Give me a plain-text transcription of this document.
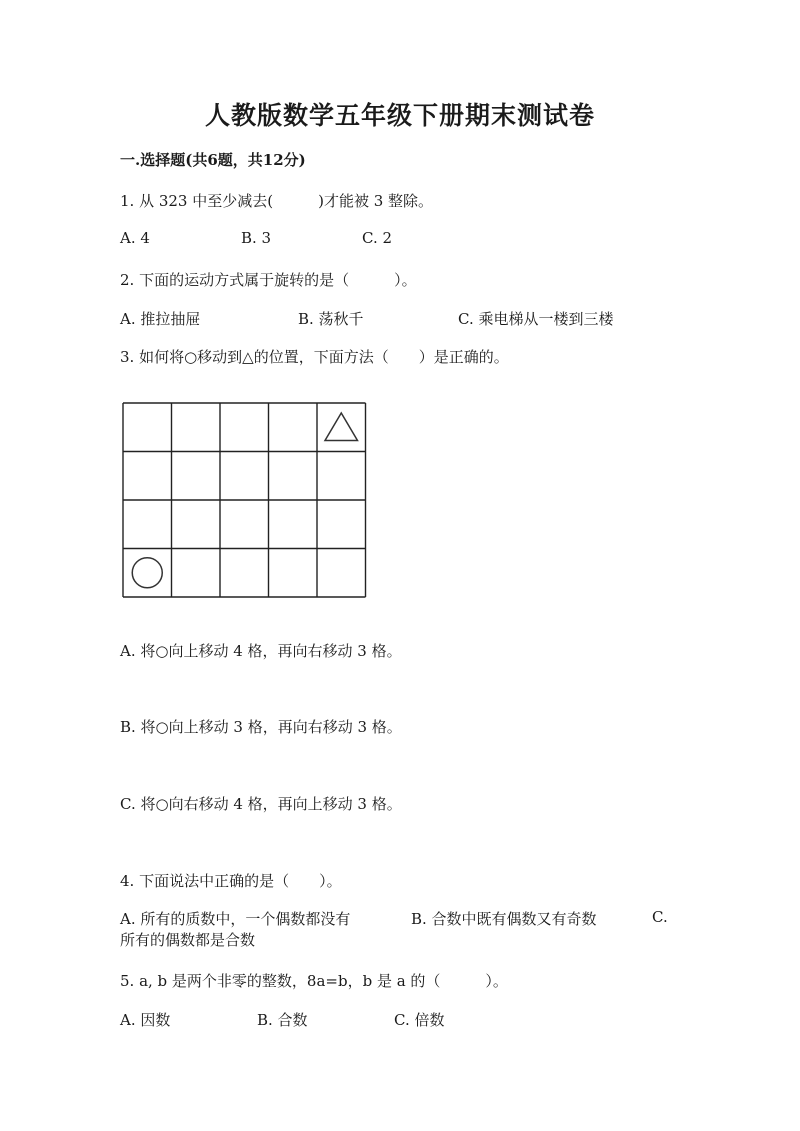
人教版数学五年级下册期末测试卷
一.选择题(共6题，共12分)
1. 从 323 中至少减去(　　　)才能被 3 整除。
A. 4	B. 3	C. 2
2. 下面的运动方式属于旋转的是（　　　）。
A. 推拉抽屉	B. 荡秋千	C. 乘电梯从一楼到三楼
3. 如何将○移动到△的位置，下面方法（　　）是正确的。
A. 将○向上移动 4 格，再向右移动 3 格。
B. 将○向上移动 3 格，再向右移动 3 格。
C. 将○向右移动 4 格，再向上移动 3 格。
4. 下面说法中正确的是（　　）。
A. 所有的质数中，一个偶数都没有	B. 合数中既有偶数又有奇数	C.
所有的偶数都是合数
5. a, b 是两个非零的整数，8a=b，b 是 a 的（　　　）。
A. 因数	B. 合数	C. 倍数
